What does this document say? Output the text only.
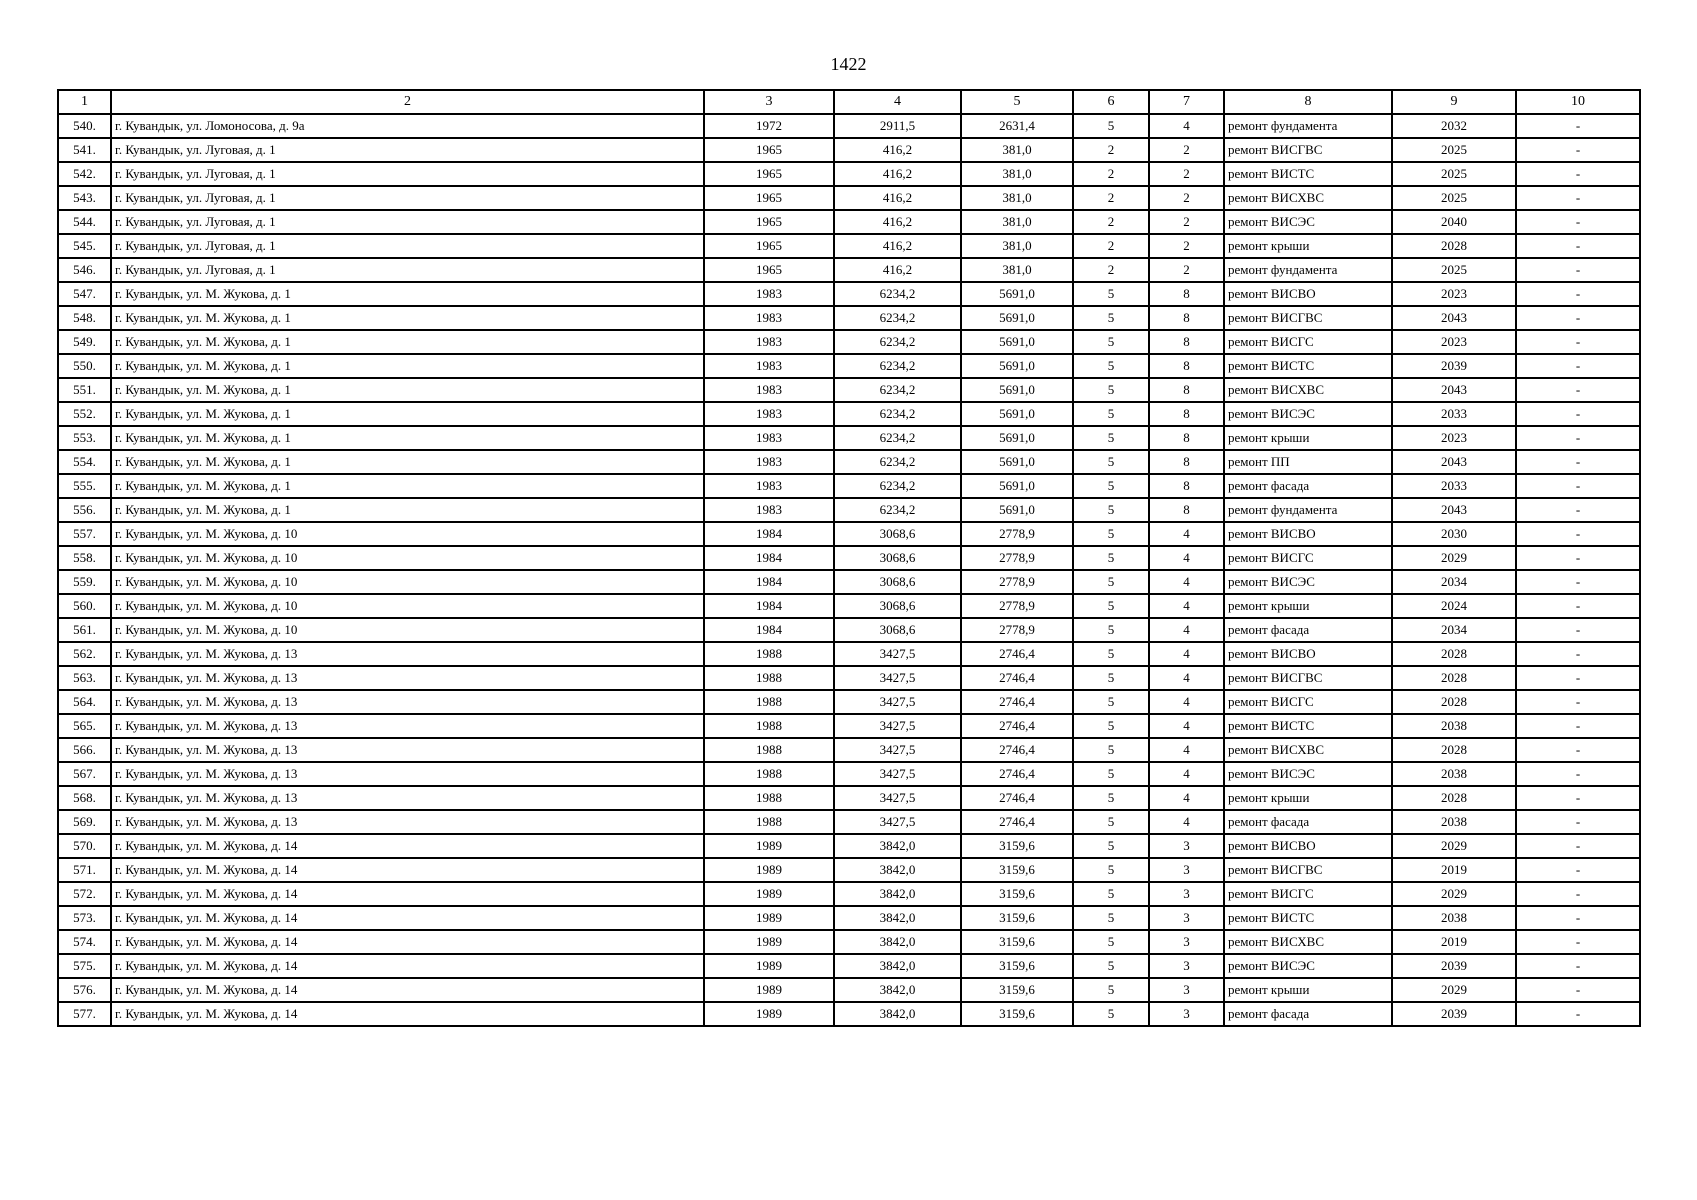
1422
1	2	3	4	5	6	7	8	9	10
540.	г. Кувандык, ул. Ломоносова, д. 9а	1972	2911,5	2631,4	5	4	ремонт фундамента	2032	-
541.	г. Кувандык, ул. Луговая, д. 1	1965	416,2	381,0	2	2	ремонт ВИСГВС	2025	-
542.	г. Кувандык, ул. Луговая, д. 1	1965	416,2	381,0	2	2	ремонт ВИСТС	2025	-
543.	г. Кувандык, ул. Луговая, д. 1	1965	416,2	381,0	2	2	ремонт ВИСХВС	2025	-
544.	г. Кувандык, ул. Луговая, д. 1	1965	416,2	381,0	2	2	ремонт ВИСЭС	2040	-
545.	г. Кувандык, ул. Луговая, д. 1	1965	416,2	381,0	2	2	ремонт крыши	2028	-
546.	г. Кувандык, ул. Луговая, д. 1	1965	416,2	381,0	2	2	ремонт фундамента	2025	-
547.	г. Кувандык, ул. М. Жукова, д. 1	1983	6234,2	5691,0	5	8	ремонт ВИСВО	2023	-
548.	г. Кувандык, ул. М. Жукова, д. 1	1983	6234,2	5691,0	5	8	ремонт ВИСГВС	2043	-
549.	г. Кувандык, ул. М. Жукова, д. 1	1983	6234,2	5691,0	5	8	ремонт ВИСГС	2023	-
550.	г. Кувандык, ул. М. Жукова, д. 1	1983	6234,2	5691,0	5	8	ремонт ВИСТС	2039	-
551.	г. Кувандык, ул. М. Жукова, д. 1	1983	6234,2	5691,0	5	8	ремонт ВИСХВС	2043	-
552.	г. Кувандык, ул. М. Жукова, д. 1	1983	6234,2	5691,0	5	8	ремонт ВИСЭС	2033	-
553.	г. Кувандык, ул. М. Жукова, д. 1	1983	6234,2	5691,0	5	8	ремонт крыши	2023	-
554.	г. Кувандык, ул. М. Жукова, д. 1	1983	6234,2	5691,0	5	8	ремонт ПП	2043	-
555.	г. Кувандык, ул. М. Жукова, д. 1	1983	6234,2	5691,0	5	8	ремонт фасада	2033	-
556.	г. Кувандык, ул. М. Жукова, д. 1	1983	6234,2	5691,0	5	8	ремонт фундамента	2043	-
557.	г. Кувандык, ул. М. Жукова, д. 10	1984	3068,6	2778,9	5	4	ремонт ВИСВО	2030	-
558.	г. Кувандык, ул. М. Жукова, д. 10	1984	3068,6	2778,9	5	4	ремонт ВИСГС	2029	-
559.	г. Кувандык, ул. М. Жукова, д. 10	1984	3068,6	2778,9	5	4	ремонт ВИСЭС	2034	-
560.	г. Кувандык, ул. М. Жукова, д. 10	1984	3068,6	2778,9	5	4	ремонт крыши	2024	-
561.	г. Кувандык, ул. М. Жукова, д. 10	1984	3068,6	2778,9	5	4	ремонт фасада	2034	-
562.	г. Кувандык, ул. М. Жукова, д. 13	1988	3427,5	2746,4	5	4	ремонт ВИСВО	2028	-
563.	г. Кувандык, ул. М. Жукова, д. 13	1988	3427,5	2746,4	5	4	ремонт ВИСГВС	2028	-
564.	г. Кувандык, ул. М. Жукова, д. 13	1988	3427,5	2746,4	5	4	ремонт ВИСГС	2028	-
565.	г. Кувандык, ул. М. Жукова, д. 13	1988	3427,5	2746,4	5	4	ремонт ВИСТС	2038	-
566.	г. Кувандык, ул. М. Жукова, д. 13	1988	3427,5	2746,4	5	4	ремонт ВИСХВС	2028	-
567.	г. Кувандык, ул. М. Жукова, д. 13	1988	3427,5	2746,4	5	4	ремонт ВИСЭС	2038	-
568.	г. Кувандык, ул. М. Жукова, д. 13	1988	3427,5	2746,4	5	4	ремонт крыши	2028	-
569.	г. Кувандык, ул. М. Жукова, д. 13	1988	3427,5	2746,4	5	4	ремонт фасада	2038	-
570.	г. Кувандык, ул. М. Жукова, д. 14	1989	3842,0	3159,6	5	3	ремонт ВИСВО	2029	-
571.	г. Кувандык, ул. М. Жукова, д. 14	1989	3842,0	3159,6	5	3	ремонт ВИСГВС	2019	-
572.	г. Кувандык, ул. М. Жукова, д. 14	1989	3842,0	3159,6	5	3	ремонт ВИСГС	2029	-
573.	г. Кувандык, ул. М. Жукова, д. 14	1989	3842,0	3159,6	5	3	ремонт ВИСТС	2038	-
574.	г. Кувандык, ул. М. Жукова, д. 14	1989	3842,0	3159,6	5	3	ремонт ВИСХВС	2019	-
575.	г. Кувандык, ул. М. Жукова, д. 14	1989	3842,0	3159,6	5	3	ремонт ВИСЭС	2039	-
576.	г. Кувандык, ул. М. Жукова, д. 14	1989	3842,0	3159,6	5	3	ремонт крыши	2029	-
577.	г. Кувандык, ул. М. Жукова, д. 14	1989	3842,0	3159,6	5	3	ремонт фасада	2039	-
